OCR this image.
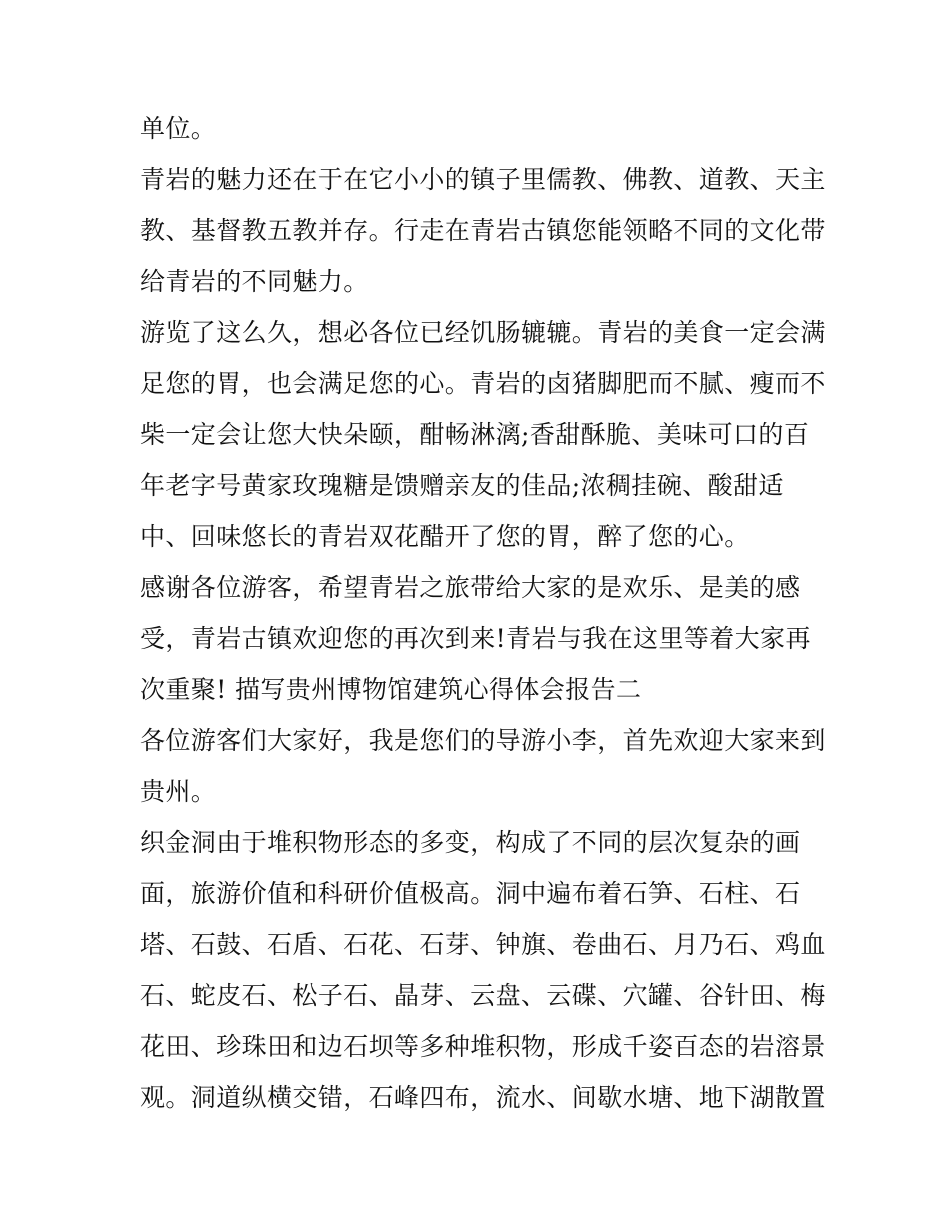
单位。

青岩的魅力还在于在它小小的镇子里儒教、佛教、道教、天主

教、基督教五教并存。行走在青岩古镇您能领略不同的文化带

给青岩的不同魅力。

游览了这么久，想必各位已经饥肠辘辘。青岩的美食一定会满

足您的胃，也会满足您的心。青岩的卤猪脚肥而不腻、瘦而不

柴一定会让您大快朵颐，酣畅淋漓;香甜酥脆、美味可口的百

年老字号黄家玫瑰糖是馈赠亲友的佳品;浓稠挂碗、酸甜适

中、回味悠长的青岩双花醋开了您的胃，醉了您的心。

感谢各位游客，希望青岩之旅带给大家的是欢乐、是美的感

受，青岩古镇欢迎您的再次到来!青岩与我在这里等着大家再

次重聚! 描写贵州博物馆建筑心得体会报告二

各位游客们大家好，我是您们的导游小李，首先欢迎大家来到

贵州。

织金洞由于堆积物形态的多变，构成了不同的层次复杂的画

面，旅游价值和科研价值极高。洞中遍布着石笋、石柱、石

塔、石鼓、石盾、石花、石芽、钟旗、卷曲石、月乃石、鸡血

石、蛇皮石、松子石、晶芽、云盘、云碟、穴罐、谷针田、梅

花田、珍珠田和边石坝等多种堆积物，形成千姿百态的岩溶景

观。洞道纵横交错，石峰四布，流水、间歇水塘、地下湖散置
